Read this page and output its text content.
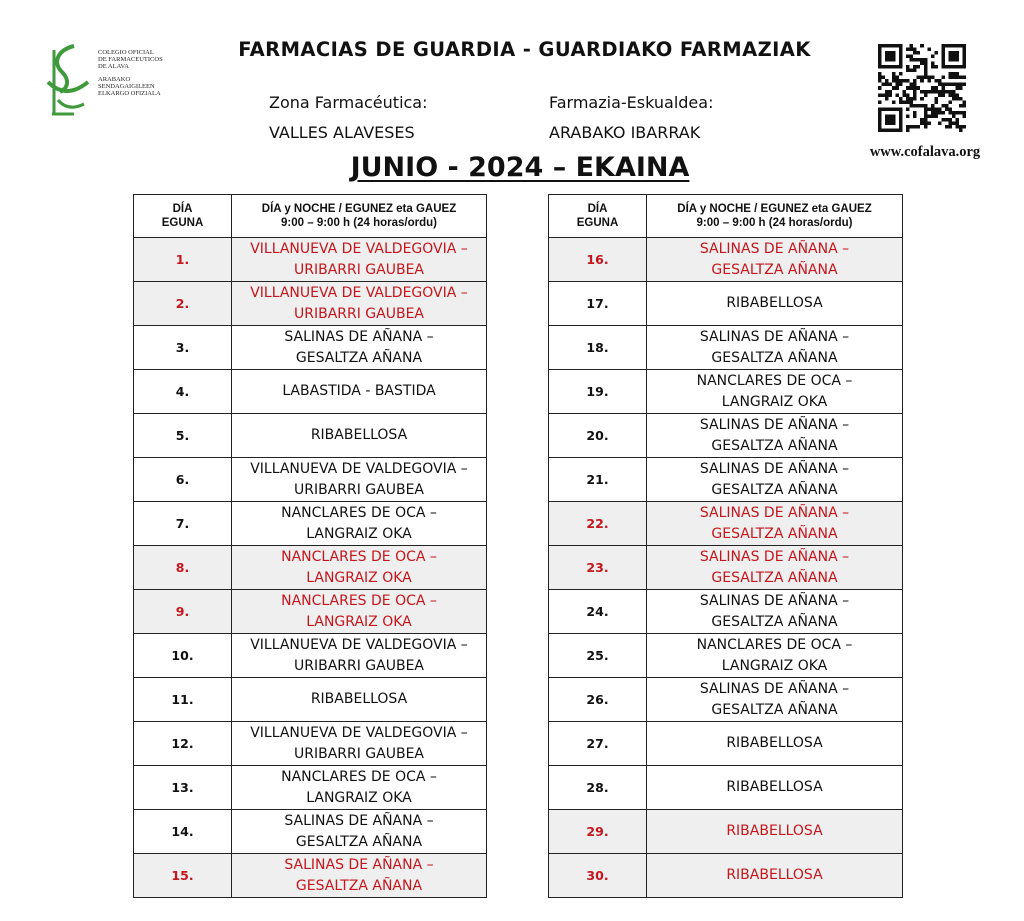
COLEGIO OFICIAL
DE FARMACEUTICOS
DE ALAVA
ARABAKO
SENDAGAIGILEEN
ELKARGO OFIZIALA
FARMACIAS DE GUARDIA - GUARDIAKO FARMAZIAK
Zona Farmacéutica:
VALLES ALAVESES
Farmazia-Eskualdea:
ARABAKO IBARRAK
www.cofalava.org
JUNIO - 2024 – EKAINA
DÍA
EGUNA	DÍA y NOCHE / EGUNEZ eta GAUEZ
9:00 – 9:00 h (24 horas/ordu)
1.	VILLANUEVA DE VALDEGOVIA –
URIBARRI GAUBEA

2.	VILLANUEVA DE VALDEGOVIA –
URIBARRI GAUBEA

3.	SALINAS DE AÑANA –
GESALTZA AÑANA

4.	LABASTIDA - BASTIDA

5.	RIBABELLOSA

6.	VILLANUEVA DE VALDEGOVIA –
URIBARRI GAUBEA

7.	NANCLARES DE OCA –
LANGRAIZ OKA

8.	NANCLARES DE OCA –
LANGRAIZ OKA

9.	NANCLARES DE OCA –
LANGRAIZ OKA

10.	VILLANUEVA DE VALDEGOVIA –
URIBARRI GAUBEA

11.	RIBABELLOSA

12.	VILLANUEVA DE VALDEGOVIA –
URIBARRI GAUBEA

13.	NANCLARES DE OCA –
LANGRAIZ OKA

14.	SALINAS DE AÑANA –
GESALTZA AÑANA

15.	SALINAS DE AÑANA –
GESALTZA AÑANA
DÍA
EGUNA	DÍA y NOCHE / EGUNEZ eta GAUEZ
9:00 – 9:00 h (24 horas/ordu)
16.	SALINAS DE AÑANA –
GESALTZA AÑANA

17.	RIBABELLOSA

18.	SALINAS DE AÑANA –
GESALTZA AÑANA

19.	NANCLARES DE OCA –
LANGRAIZ OKA

20.	SALINAS DE AÑANA –
GESALTZA AÑANA

21.	SALINAS DE AÑANA –
GESALTZA AÑANA

22.	SALINAS DE AÑANA –
GESALTZA AÑANA

23.	SALINAS DE AÑANA –
GESALTZA AÑANA

24.	SALINAS DE AÑANA –
GESALTZA AÑANA

25.	NANCLARES DE OCA –
LANGRAIZ OKA

26.	SALINAS DE AÑANA –
GESALTZA AÑANA

27.	RIBABELLOSA

28.	RIBABELLOSA

29.	RIBABELLOSA

30.	RIBABELLOSA
